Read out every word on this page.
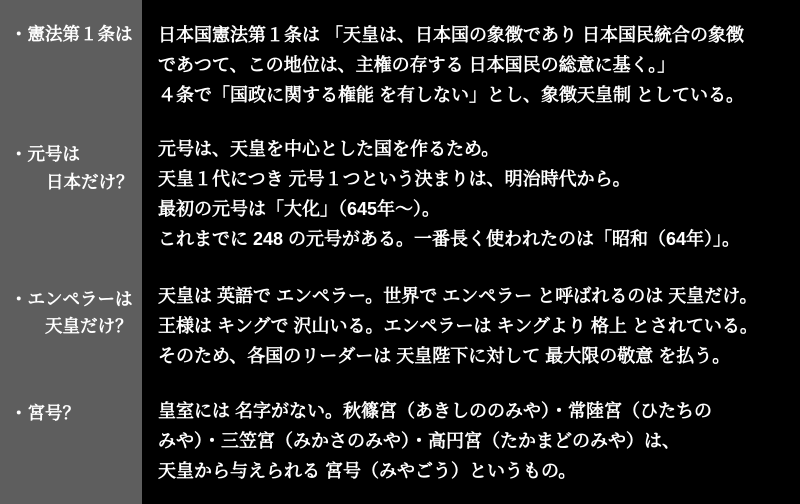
・憲法第１条は 日本国憲法第１条は 「天皇は、日本国の象徴であり 日本国民統合の象徴
であつて、この地位は、主権の存する 日本国民の総意に基く。」
４条で「国政に関する権能 を有しない」とし、象徴天皇制 としている。
・元号は
日本だけ？
元号は、天皇を中心とした国を作るため。
天皇１代につき 元号１つという決まりは、明治時代から。
最初の元号は「大化」（645年～）。
これまでに 248 の元号がある。一番長く使われたのは「昭和（64年）」。
・エンペラーは
天皇だけ？
天皇は 英語で エンペラー。世界で エンペラー と呼ばれるのは 天皇だけ。
王様は キングで 沢山いる。エンペラーは キングより 格上 とされている。
そのため、各国のリーダーは 天皇陛下に対して 最大限の敬意 を払う。
・宮号？	皇室には 名字がない。秋篠宮（あきしののみや）・常陸宮（ひたちの
みや）・三笠宮（みかさのみや）・高円宮（たかまどのみや）は、
天皇から与えられる 宮号（みやごう）というもの。
